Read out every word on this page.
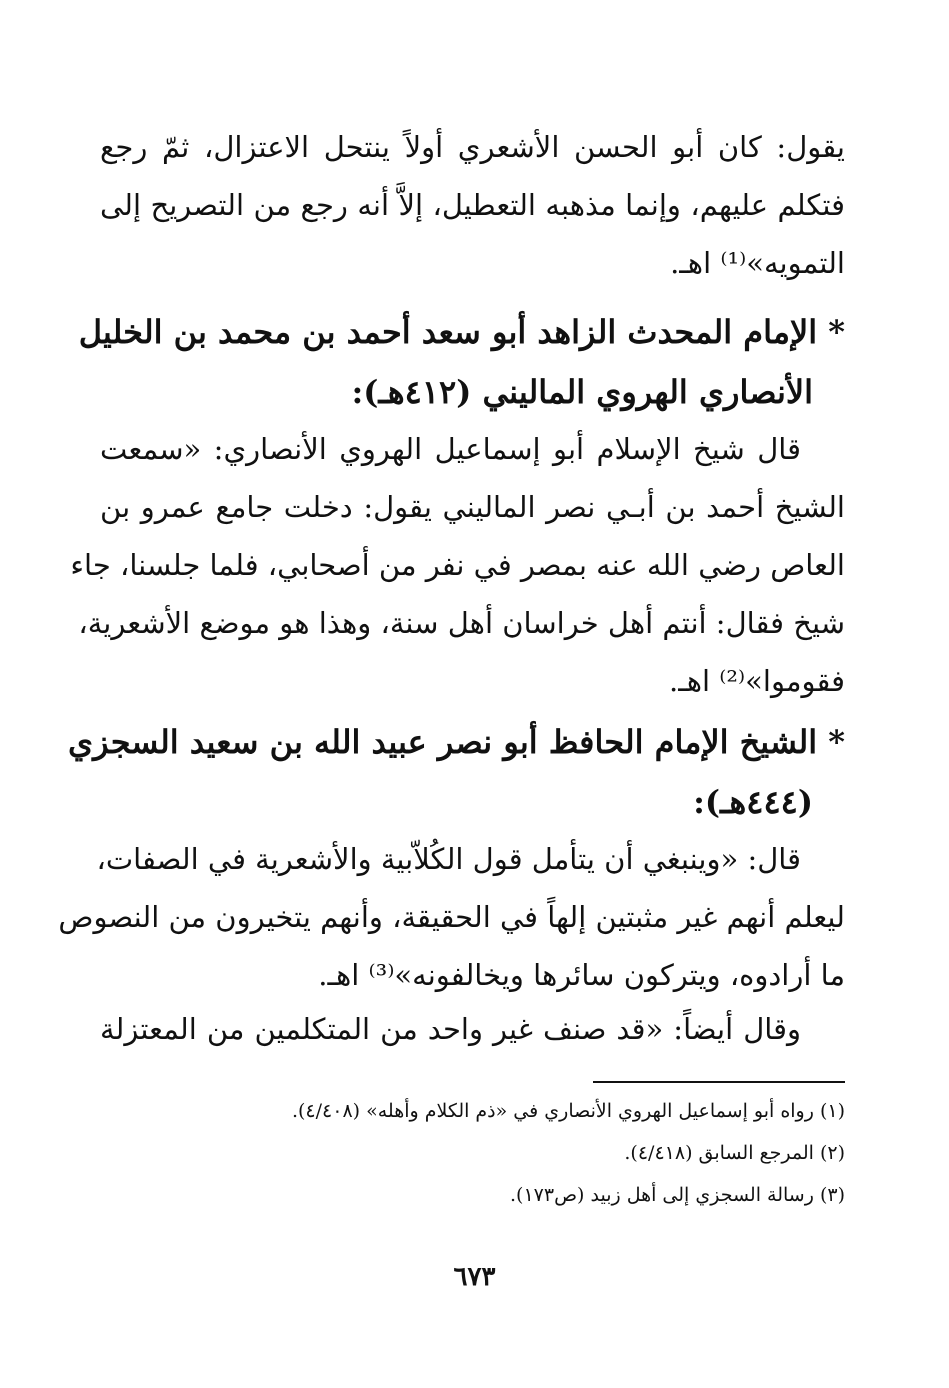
يقول: كان أبو الحسن الأشعري أولاً ينتحل الاعتزال، ثمّ رجع
فتكلم عليهم، وإنما مذهبه التعطيل، إلاَّ أنه رجع من التصريح إلى
التمويه»⁽¹⁾ اهـ.
* الإمام المحدث الزاهد أبو سعد أحمد بن محمد بن الخليل
الأنصاري الهروي الماليني (٤١٢هـ):
قال شيخ الإسلام أبو إسماعيل الهروي الأنصاري: «سمعت
الشيخ أحمد بن أبـي نصر الماليني يقول: دخلت جامع عمرو بن
العاص رضي الله عنه بمصر في نفر من أصحابي، فلما جلسنا، جاء
شيخ فقال: أنتم أهل خراسان أهل سنة، وهذا هو موضع الأشعرية،
فقوموا»⁽²⁾ اهـ.
* الشيخ الإمام الحافظ أبو نصر عبيد الله بن سعيد السجزي
(٤٤٤هـ):
قال: «وينبغي أن يتأمل قول الكُلاّبية والأشعرية في الصفات،
ليعلم أنهم غير مثبتين إلهاً في الحقيقة، وأنهم يتخيرون من النصوص
ما أرادوه، ويتركون سائرها ويخالفونه»⁽³⁾ اهـ.
وقال أيضاً: «قد صنف غير واحد من المتكلمين من المعتزلة
(١) رواه أبو إسماعيل الهروي الأنصاري في «ذم الكلام وأهله» (٤/٤٠٨).
(٢) المرجع السابق (٤/٤١٨).
(٣) رسالة السجزي إلى أهل زبيد (ص١٧٣).
٦٧٣
